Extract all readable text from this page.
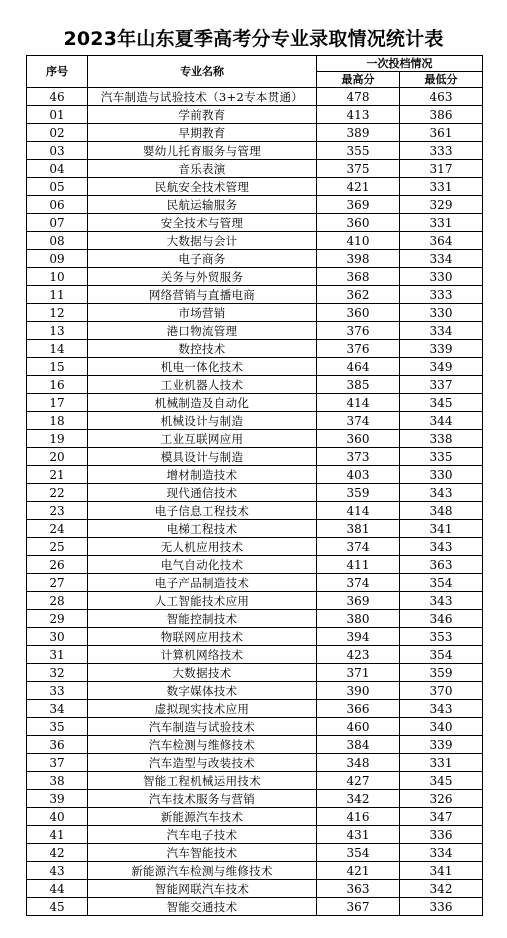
2023年山东夏季高考分专业录取情况统计表
序号	专业名称	一次投档情况	
		最高分	最低分
46	汽车制造与试验技术（3+2专本贯通）	478	463
01	学前教育	413	386
02	早期教育	389	361
03	婴幼儿托育服务与管理	355	333
04	音乐表演	375	317
05	民航安全技术管理	421	331
06	民航运输服务	369	329
07	安全技术与管理	360	331
08	大数据与会计	410	364
09	电子商务	398	334
10	关务与外贸服务	368	330
11	网络营销与直播电商	362	333
12	市场营销	360	330
13	港口物流管理	376	334
14	数控技术	376	339
15	机电一体化技术	464	349
16	工业机器人技术	385	337
17	机械制造及自动化	414	345
18	机械设计与制造	374	344
19	工业互联网应用	360	338
20	模具设计与制造	373	335
21	增材制造技术	403	330
22	现代通信技术	359	343
23	电子信息工程技术	414	348
24	电梯工程技术	381	341
25	无人机应用技术	374	343
26	电气自动化技术	411	363
27	电子产品制造技术	374	354
28	人工智能技术应用	369	343
29	智能控制技术	380	346
30	物联网应用技术	394	353
31	计算机网络技术	423	354
32	大数据技术	371	359
33	数字媒体技术	390	370
34	虚拟现实技术应用	366	343
35	汽车制造与试验技术	460	340
36	汽车检测与维修技术	384	339
37	汽车造型与改装技术	348	331
38	智能工程机械运用技术	427	345
39	汽车技术服务与营销	342	326
40	新能源汽车技术	416	347
41	汽车电子技术	431	336
42	汽车智能技术	354	334
43	新能源汽车检测与维修技术	421	341
44	智能网联汽车技术	363	342
45	智能交通技术	367	336
